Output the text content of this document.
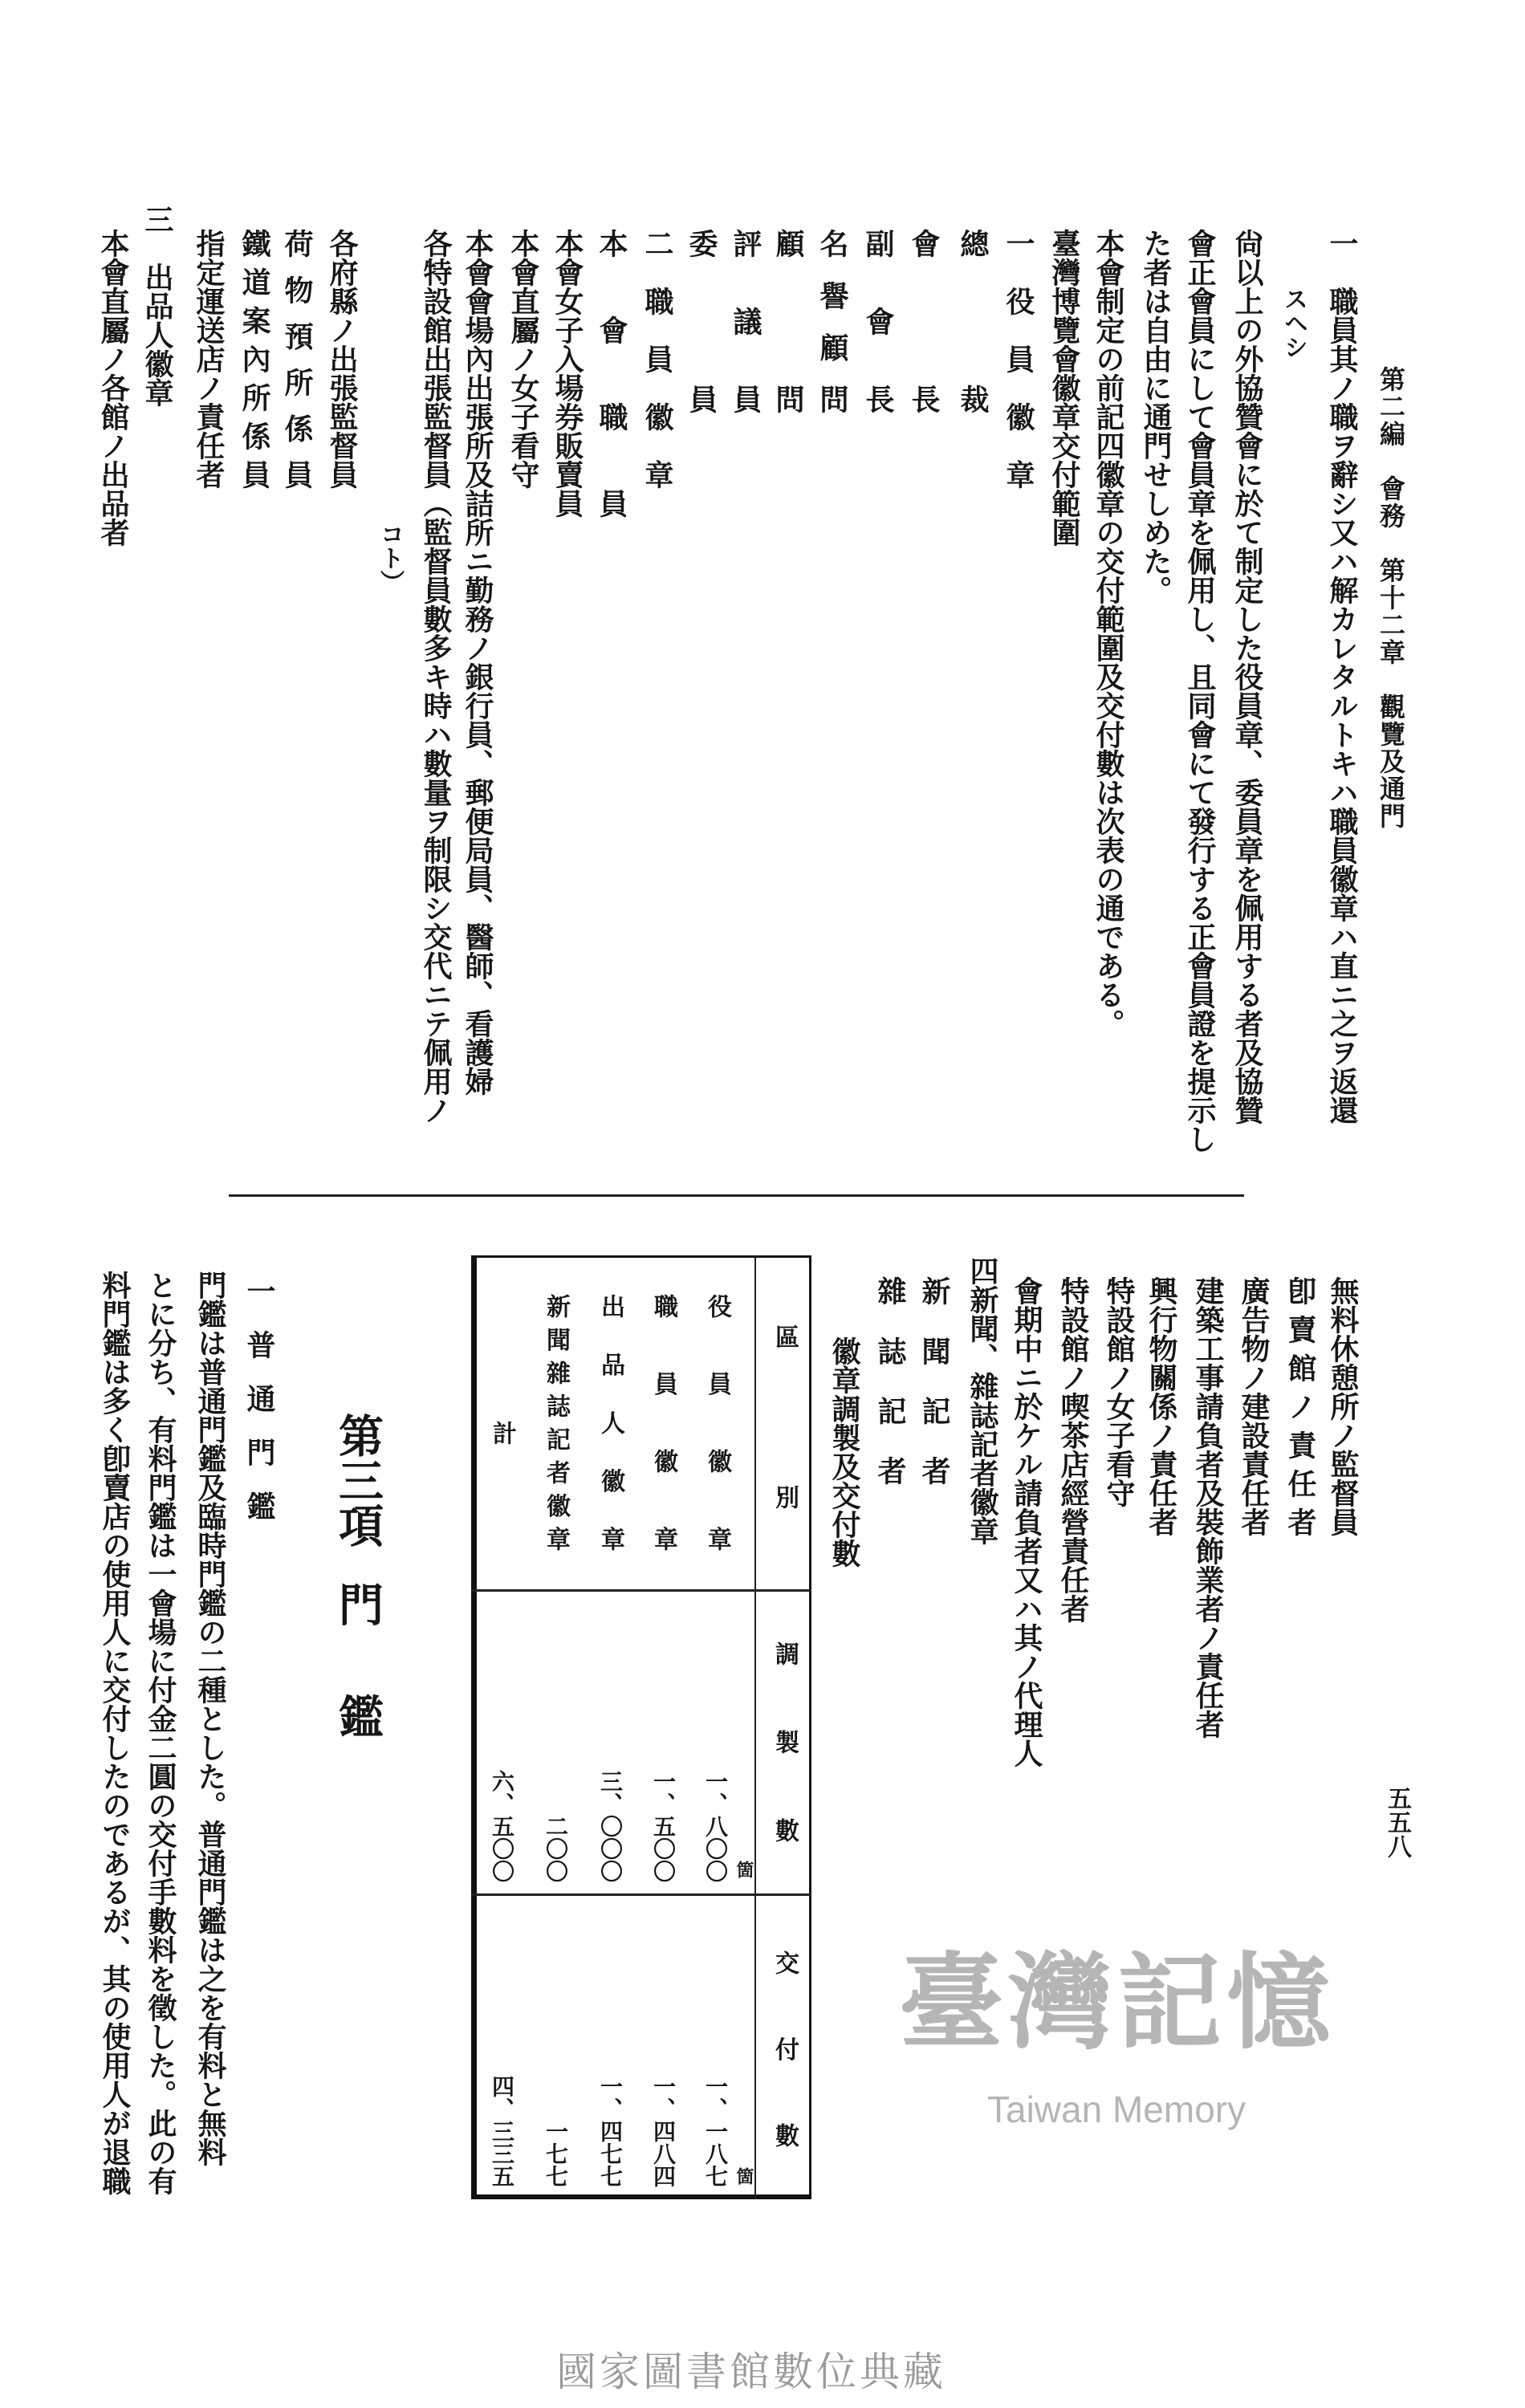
第二編　會務　第十二章　觀覽及通門
一　職員其ノ職ヲ辭シ又ハ解カレタルトキハ職員徽章ハ直ニ之ヲ返還
スヘシ
尙以上の外協贊會に於て制定した役員章、委員章を佩用する者及協贊
會正會員にして會員章を佩用し、且同會にて發行する正會員證を提示し
た者は自由に通門せしめた。
本會制定の前記四徽章の交付範圍及交付數は次表の通である。
臺灣博覽會徽章交付範圍
一　役　員　徽　章
總裁
會長
副會長
名譽顧問
顧問
評議員
委員
二　職　員　徽　章
本會職員
本會女子入場券販賣員
本會直屬ノ女子看守
本會會場內出張所及詰所ニ勤務ノ銀行員、郵便局員、醫師、看護婦
各特設館出張監督員（監督員數多キ時ハ數量ヲ制限シ交代ニテ佩用ノ
コト）
各府縣ノ出張監督員
荷物預所係員
鐵道案內所係員
指定運送店ノ責任者
三　出品人徽章
本會直屬ノ各館ノ出品者
無料休憩所ノ監督員
卽賣館ノ責任者
廣告物ノ建設責任者
建築工事請負者及裝飾業者ノ責任者
興行物關係ノ責任者
特設館ノ女子看守
特設館ノ喫茶店經營責任者
會期中ニ於ケル請負者又ハ其ノ代理人
四新聞、雜誌記者徽章
新聞記者
雜誌記者
徽章調製及交付數
五五八
區別
調製數
交付數
役員徽章
職員徽章
出品人徽章
新聞雜誌記者徽章
計
箇
一、八〇〇
一、五〇〇
三、〇〇〇
二〇〇
六、五〇〇
箇
一、一八七
一、四八四
一、四七七
一七七
四、三三五
第三項
門
鑑
一普通門鑑
門鑑は普通門鑑及臨時門鑑の二種とした。普通門鑑は之を有料と無料
とに分ち、有料門鑑は一會場に付金二圓の交付手數料を徵した。此の有
料門鑑は多く卽賣店の使用人に交付したのであるが、其の使用人が退職	臺灣記憶
Taiwan Memory
國家圖書館數位典藏
